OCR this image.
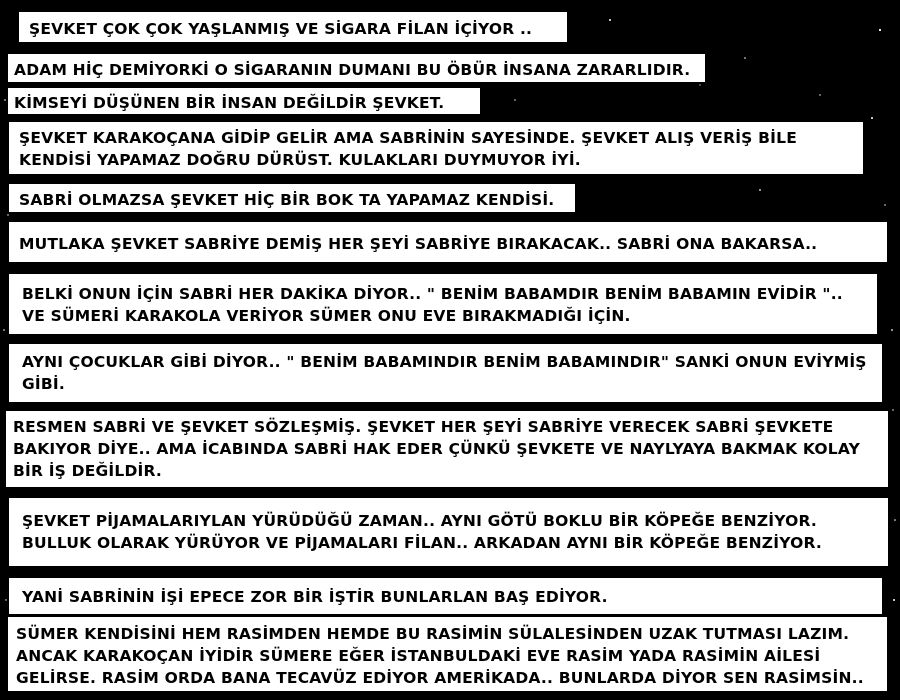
ŞEVKET ÇOK ÇOK YAŞLANMIŞ VE SİGARA FİLAN İÇİYOR ..
ADAM HİÇ DEMİYORKİ O SİGARANIN DUMANI BU ÖBÜR İNSANA ZARARLIDIR.
KİMSEYİ DÜŞÜNEN BİR İNSAN DEĞİLDİR ŞEVKET.
ŞEVKET KARAKOÇANA GİDİP GELİR AMA SABRİNİN SAYESİNDE. ŞEVKET ALIŞ VERİŞ BİLE
KENDİSİ YAPAMAZ DOĞRU DÜRÜST. KULAKLARI DUYMUYOR İYİ.
SABRİ OLMAZSA ŞEVKET HİÇ BİR BOK TA YAPAMAZ KENDİSİ.
MUTLAKA ŞEVKET SABRİYE DEMİŞ HER ŞEYİ SABRİYE BIRAKACAK.. SABRİ ONA BAKARSA..
BELKİ ONUN İÇİN SABRİ HER DAKİKA DİYOR.. " BENİM BABAMDIR BENİM BABAMIN EVİDİR "..
VE SÜMERİ KARAKOLA VERİYOR SÜMER ONU EVE BIRAKMADIĞI İÇİN.
AYNI ÇOCUKLAR GİBİ DİYOR.. " BENİM BABAMINDIR BENİM BABAMINDIR" SANKİ ONUN EVİYMİŞ
GİBİ.
RESMEN SABRİ VE ŞEVKET SÖZLEŞMİŞ. ŞEVKET HER ŞEYİ SABRİYE VERECEK SABRİ ŞEVKETE
BAKIYOR DİYE.. AMA İCABINDA SABRİ HAK EDER ÇÜNKÜ ŞEVKETE VE NAYLYAYA BAKMAK KOLAY
BİR İŞ DEĞİLDİR.
ŞEVKET PİJAMALARIYLAN YÜRÜDÜĞÜ ZAMAN.. AYNI GÖTÜ BOKLU BİR KÖPEĞE BENZİYOR.
BULLUK OLARAK YÜRÜYOR VE PİJAMALARI FİLAN.. ARKADAN AYNI BİR KÖPEĞE BENZİYOR.
YANİ SABRİNİN İŞİ EPECE ZOR BİR İŞTİR BUNLARLAN BAŞ EDİYOR.
SÜMER KENDİSİNİ HEM RASİMDEN HEMDE BU RASİMİN SÜLALESİNDEN UZAK TUTMASI LAZIM.
ANCAK KARAKOÇAN İYİDİR SÜMERE EĞER İSTANBULDAKİ EVE RASİM YADA RASİMİN AİLESİ
GELİRSE. RASİM ORDA BANA TECAVÜZ EDİYOR AMERİKADA.. BUNLARDA DİYOR SEN RASİMSİN..
